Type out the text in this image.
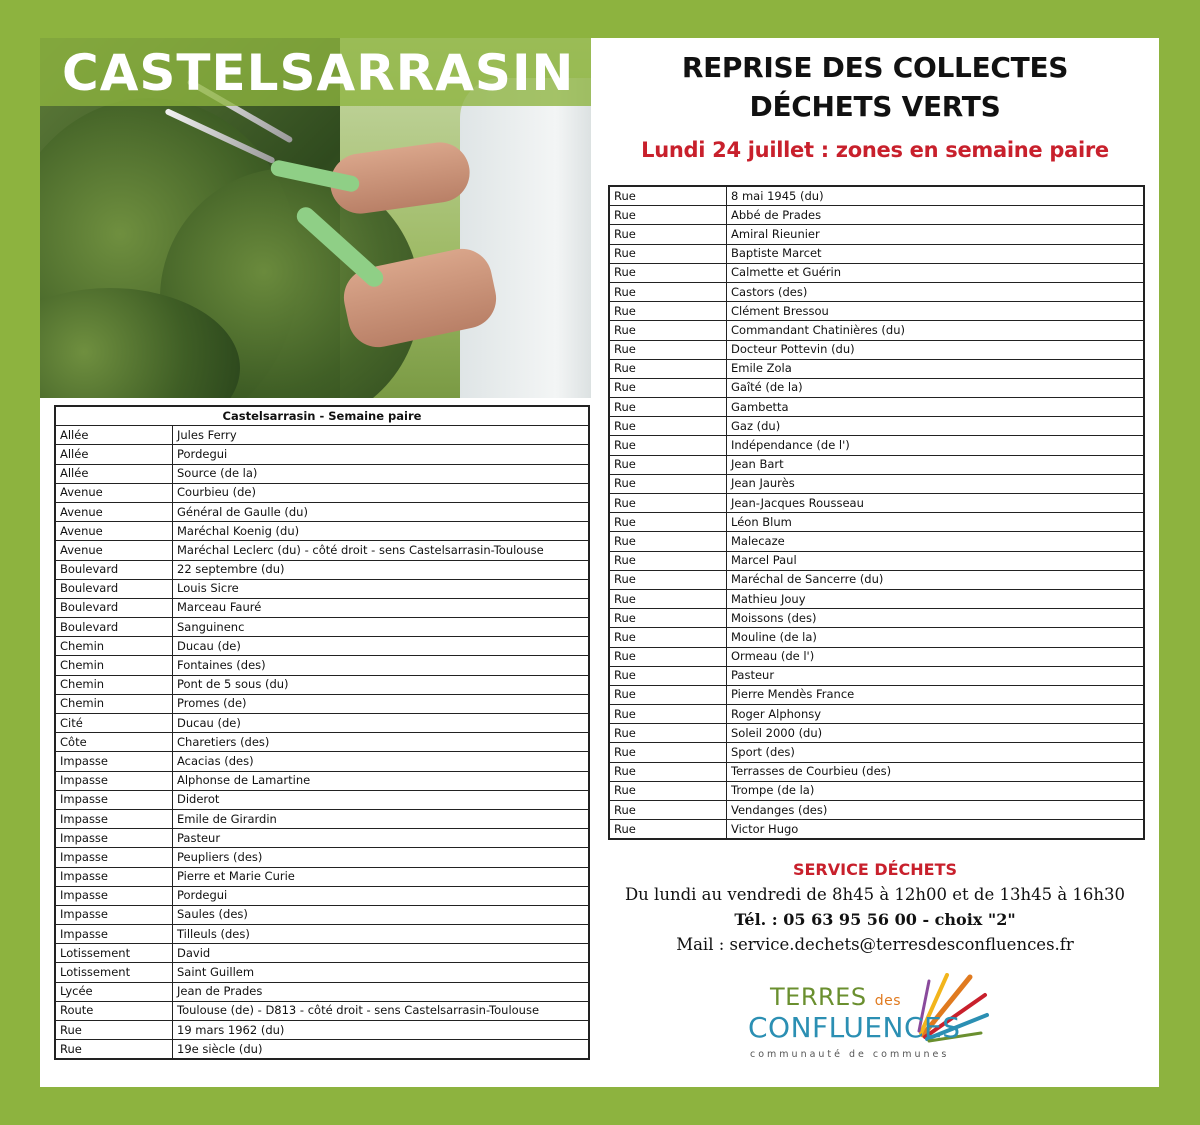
CASTELSARRASIN
Castelsarrasin - Semaine paire	
Allée	Jules Ferry
Allée	Pordegui
Allée	Source (de la)
Avenue	Courbieu (de)
Avenue	Général de Gaulle (du)
Avenue	Maréchal Koenig (du)
Avenue	Maréchal Leclerc (du) - côté droit - sens Castelsarrasin-Toulouse
Boulevard	22 septembre (du)
Boulevard	Louis Sicre
Boulevard	Marceau Fauré
Boulevard	Sanguinenc
Chemin	Ducau (de)
Chemin	Fontaines (des)
Chemin	Pont de 5 sous (du)
Chemin	Promes (de)
Cité	Ducau (de)
Côte	Charetiers (des)
Impasse	Acacias (des)
Impasse	Alphonse de Lamartine
Impasse	Diderot
Impasse	Emile de Girardin
Impasse	Pasteur
Impasse	Peupliers (des)
Impasse	Pierre et Marie Curie
Impasse	Pordegui
Impasse	Saules (des)
Impasse	Tilleuls (des)
Lotissement	David
Lotissement	Saint Guillem
Lycée	Jean de Prades
Route	Toulouse (de) - D813 - côté droit - sens Castelsarrasin-Toulouse
Rue	19 mars 1962 (du)
Rue	19e siècle (du)
REPRISE DES COLLECTES
DÉCHETS VERTS
Lundi 24 juillet : zones en semaine paire
Rue	8 mai 1945 (du)
Rue	Abbé de Prades
Rue	Amiral Rieunier
Rue	Baptiste Marcet
Rue	Calmette et Guérin
Rue	Castors (des)
Rue	Clément Bressou
Rue	Commandant Chatinières (du)
Rue	Docteur Pottevin (du)
Rue	Emile Zola
Rue	Gaîté (de la)
Rue	Gambetta
Rue	Gaz (du)
Rue	Indépendance (de l')
Rue	Jean Bart
Rue	Jean Jaurès
Rue	Jean-Jacques Rousseau
Rue	Léon Blum
Rue	Malecaze
Rue	Marcel Paul
Rue	Maréchal de Sancerre (du)
Rue	Mathieu Jouy
Rue	Moissons (des)
Rue	Mouline (de la)
Rue	Ormeau (de l')
Rue	Pasteur
Rue	Pierre Mendès France
Rue	Roger Alphonsy
Rue	Soleil 2000 (du)
Rue	Sport (des)
Rue	Terrasses de Courbieu (des)
Rue	Trompe (de la)
Rue	Vendanges (des)
Rue	Victor Hugo
SERVICE DÉCHETS
Du lundi au vendredi de 8h45 à 12h00 et de 13h45 à 16h30
Tél. : 05 63 95 56 00 - choix "2"
Mail : service.dechets@terresdesconfluences.fr
TERRES des
CONFLUENCES
communauté de communes
